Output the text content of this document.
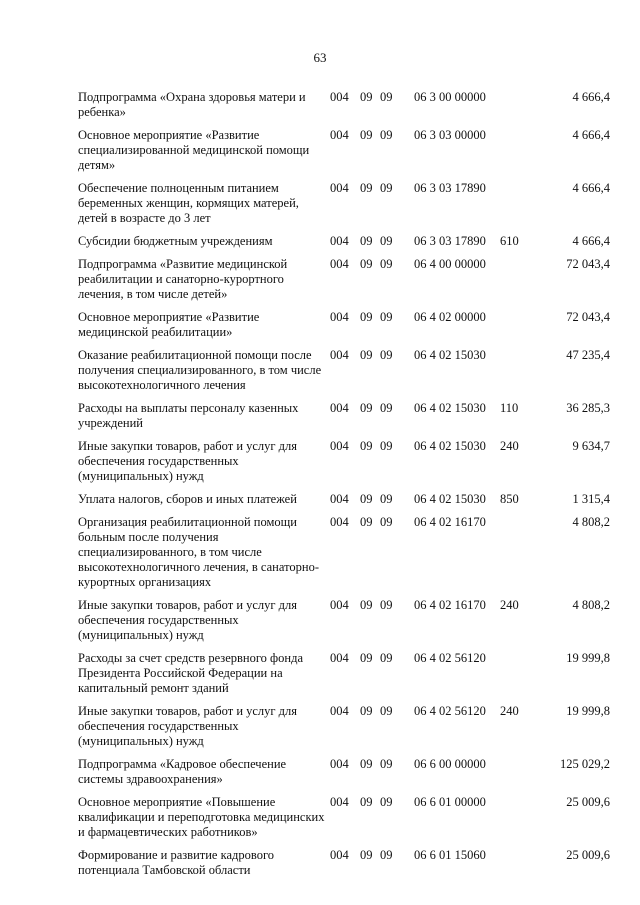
63
Подпрограмма «Охрана здоровья матери и ребенка»	004	09	09	06 3 00 00000		4 666,4
Основное мероприятие «Развитие специализированной медицинской помощи детям»	004	09	09	06 3 03 00000		4 666,4
Обеспечение полноценным питанием беременных женщин, кормящих матерей, детей в возрасте до 3 лет	004	09	09	06 3 03 17890		4 666,4
Субсидии бюджетным учреждениям	004	09	09	06 3 03 17890	610	4 666,4
Подпрограмма «Развитие медицинской реабилитации и санаторно-курортного лечения, в том числе детей»	004	09	09	06 4 00 00000		72 043,4
Основное мероприятие «Развитие медицинской реабилитации»	004	09	09	06 4 02 00000		72 043,4
Оказание реабилитационной помощи после получения специализированного, в том числе высокотехнологичного лечения	004	09	09	06 4 02 15030		47 235,4
Расходы на выплаты персоналу казенных учреждений	004	09	09	06 4 02 15030	110	36 285,3
Иные закупки товаров, работ и услуг для обеспечения государственных (муниципальных) нужд	004	09	09	06 4 02 15030	240	9 634,7
Уплата налогов, сборов и иных платежей	004	09	09	06 4 02 15030	850	1 315,4
Организация реабилитационной помощи больным после получения специализированного, в том числе высокотехнологичного лечения, в санаторно-курортных организациях	004	09	09	06 4 02 16170		4 808,2
Иные закупки товаров, работ и услуг для обеспечения государственных (муниципальных) нужд	004	09	09	06 4 02 16170	240	4 808,2
Расходы за счет средств резервного фонда Президента Российской Федерации на капитальный ремонт зданий	004	09	09	06 4 02 56120		19 999,8
Иные закупки товаров, работ и услуг для обеспечения государственных (муниципальных) нужд	004	09	09	06 4 02 56120	240	19 999,8
Подпрограмма «Кадровое обеспечение системы здравоохранения»	004	09	09	06 6 00 00000		125 029,2
Основное мероприятие «Повышение квалификации и переподготовка медицинских и фармацевтических работников»	004	09	09	06 6 01 00000		25 009,6
Формирование и развитие кадрового потенциала Тамбовской области	004	09	09	06 6 01 15060		25 009,6
